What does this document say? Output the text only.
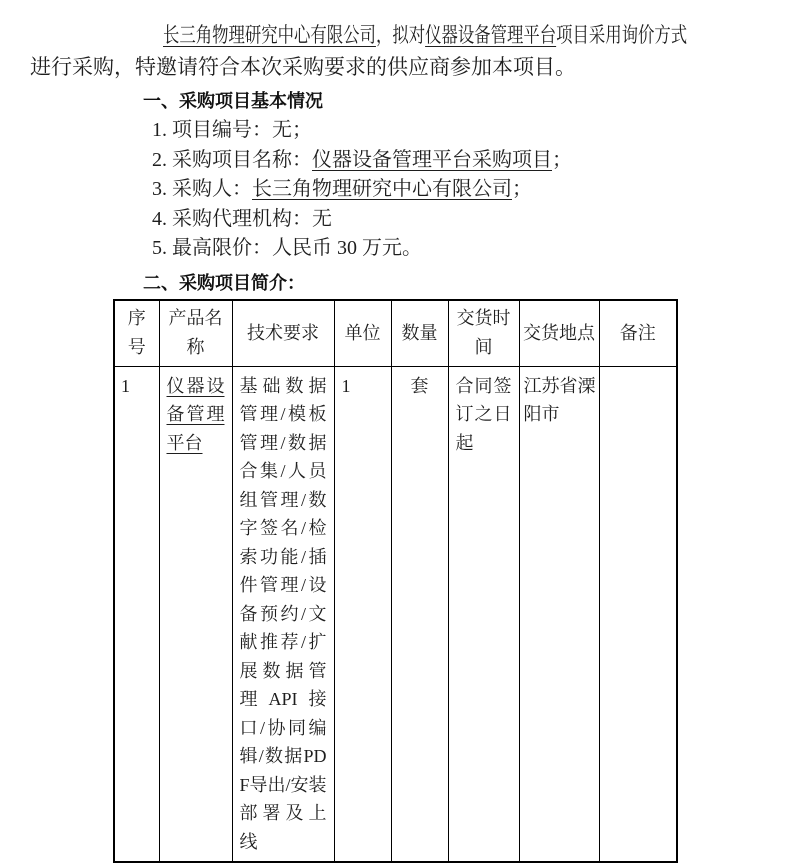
长三角物理研究中心有限公司，拟对仪器设备管理平台项目采用询价方式

进行采购，特邀请符合本次采购要求的供应商参加本项目。

一、采购项目基本情况
1. 项目编号：无；
2. 采购项目名称：仪器设备管理平台采购项目；
3. 采购人：长三角物理研究中心有限公司；
4. 采购代理机构：无
5. 最高限价：人民币 30 万元。
二、采购项目简介：
序号	产品名称	技术要求	单位	数量	交货时间	交货地点	备注
1	仪器设备管理平台	基础数据管理/模板管理/数据合集/人员组管理/数字签名/检索功能/插件管理/设备预约/文献推荐/扩展数据管理API接口/协同编辑/数据PDF导出/安装部署及上线	1	套	合同签订之日起	江苏省溧阳市	
